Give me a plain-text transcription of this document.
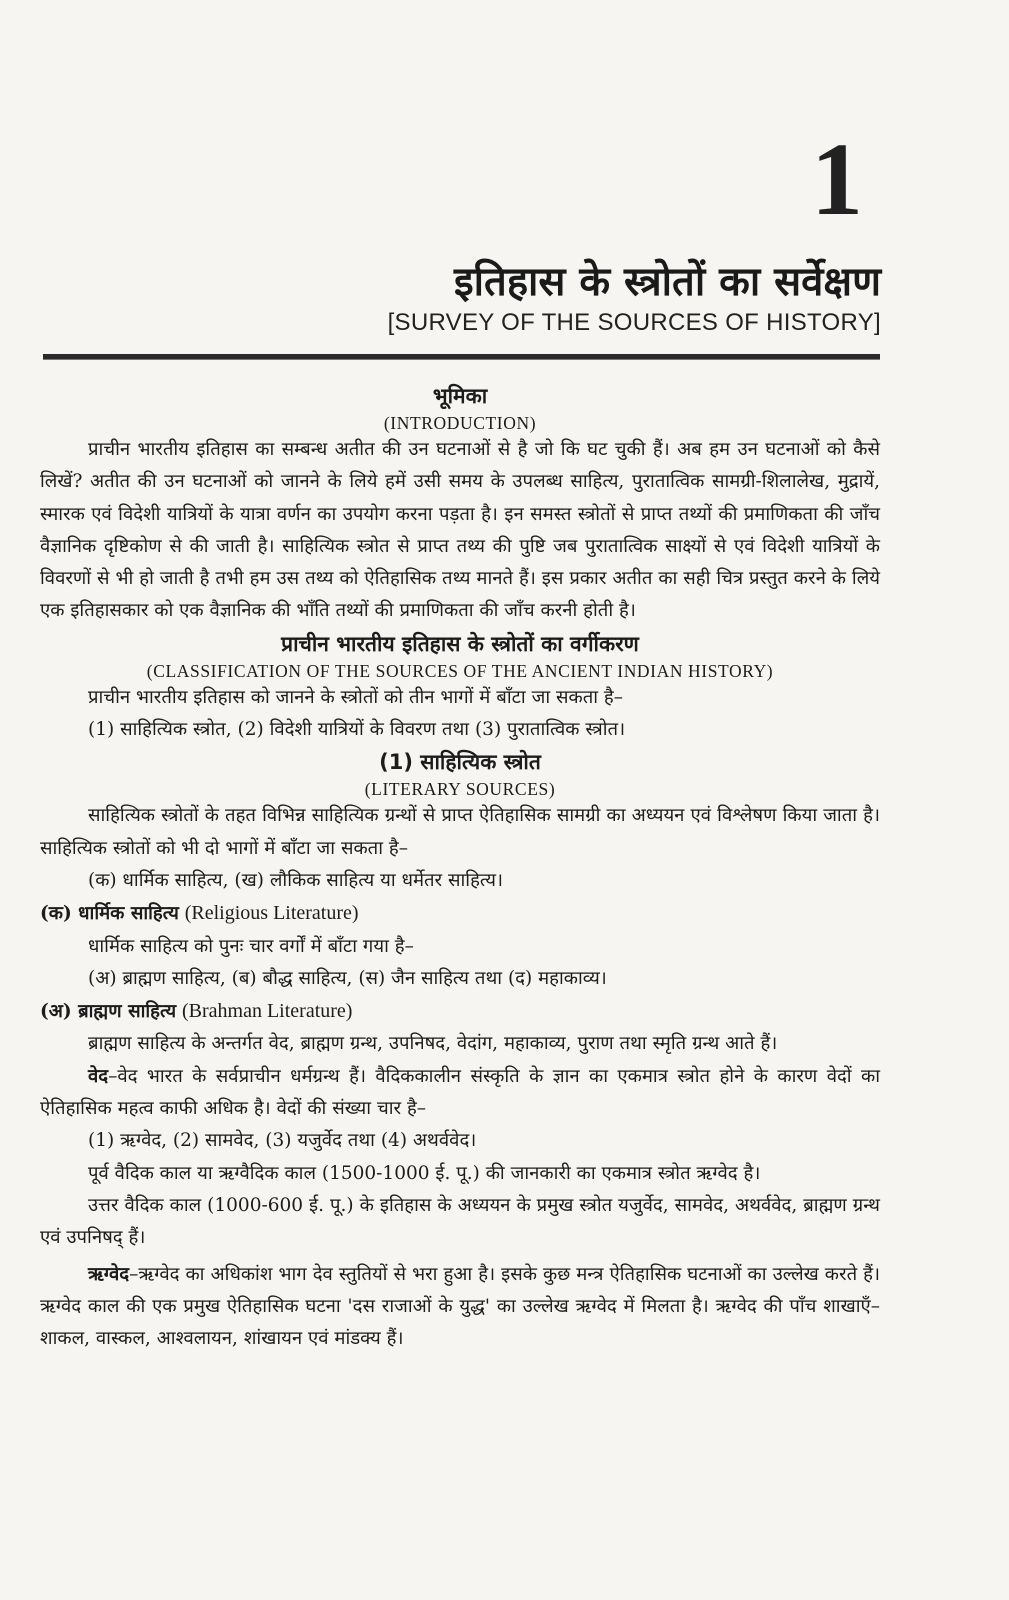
1
इतिहास के स्त्रोतों का सर्वेक्षण
[SURVEY OF THE SOURCES OF HISTORY]

भूमिका

(INTRODUCTION)

प्राचीन भारतीय इतिहास का सम्बन्ध अतीत की उन घटनाओं से है जो कि घट चुकी हैं। अब हम उन घटनाओं को कैसे लिखें? अतीत की उन घटनाओं को जानने के लिये हमें उसी समय के उपलब्ध साहित्य, पुरातात्विक सामग्री-शिलालेख, मुद्रायें, स्मारक एवं विदेशी यात्रियों के यात्रा वर्णन का उपयोग करना पड़ता है। इन समस्त स्त्रोतों से प्राप्त तथ्यों की प्रमाणिकता की जाँच वैज्ञानिक दृष्टिकोण से की जाती है। साहित्यिक स्त्रोत से प्राप्त तथ्य की पुष्टि जब पुरातात्विक साक्ष्यों से एवं विदेशी यात्रियों के विवरणों से भी हो जाती है तभी हम उस तथ्य को ऐतिहासिक तथ्य मानते हैं। इस प्रकार अतीत का सही चित्र प्रस्तुत करने के लिये एक इतिहासकार को एक वैज्ञानिक की भाँति तथ्यों की प्रमाणिकता की जाँच करनी होती है।

प्राचीन भारतीय इतिहास के स्त्रोतों का वर्गीकरण

(CLASSIFICATION OF THE SOURCES OF THE ANCIENT INDIAN HISTORY)

प्राचीन भारतीय इतिहास को जानने के स्त्रोतों को तीन भागों में बाँटा जा सकता है–

(1) साहित्यिक स्त्रोत, (2) विदेशी यात्रियों के विवरण तथा (3) पुरातात्विक स्त्रोत।

(1) साहित्यिक स्त्रोत

(LITERARY SOURCES)

साहित्यिक स्त्रोतों के तहत विभिन्न साहित्यिक ग्रन्थों से प्राप्त ऐतिहासिक सामग्री का अध्ययन एवं विश्लेषण किया जाता है। साहित्यिक स्त्रोतों को भी दो भागों में बाँटा जा सकता है–

(क) धार्मिक साहित्य, (ख) लौकिक साहित्य या धर्मेतर साहित्य।

(क) धार्मिक साहित्य (Religious Literature)

धार्मिक साहित्य को पुनः चार वर्गों में बाँटा गया है–

(अ) ब्राह्मण साहित्य, (ब) बौद्ध साहित्य, (स) जैन साहित्य तथा (द) महाकाव्य।

(अ) ब्राह्मण साहित्य (Brahman Literature)

ब्राह्मण साहित्य के अन्तर्गत वेद, ब्राह्मण ग्रन्थ, उपनिषद, वेदांग, महाकाव्य, पुराण तथा स्मृति ग्रन्थ आते हैं।

वेद–वेद भारत के सर्वप्राचीन धर्मग्रन्थ हैं। वैदिककालीन संस्कृति के ज्ञान का एकमात्र स्त्रोत होने के कारण वेदों का ऐतिहासिक महत्व काफी अधिक है। वेदों की संख्या चार है–

(1) ऋग्वेद, (2) सामवेद, (3) यजुर्वेद तथा (4) अथर्ववेद।

पूर्व वैदिक काल या ऋग्वैदिक काल (1500-1000 ई. पू.) की जानकारी का एकमात्र स्त्रोत ऋग्वेद है।

उत्तर वैदिक काल (1000-600 ई. पू.) के इतिहास के अध्ययन के प्रमुख स्त्रोत यजुर्वेद, सामवेद, अथर्ववेद, ब्राह्मण ग्रन्थ एवं उपनिषद् हैं।

ऋग्वेद–ऋग्वेद का अधिकांश भाग देव स्तुतियों से भरा हुआ है। इसके कुछ मन्त्र ऐतिहासिक घटनाओं का उल्लेख करते हैं। ऋग्वेद काल की एक प्रमुख ऐतिहासिक घटना 'दस राजाओं के युद्ध' का उल्लेख ऋग्वेद में मिलता है। ऋग्वेद की पाँच शाखाएँ–शाकल, वास्कल, आश्वलायन, शांखायन एवं मांडक्य हैं।
